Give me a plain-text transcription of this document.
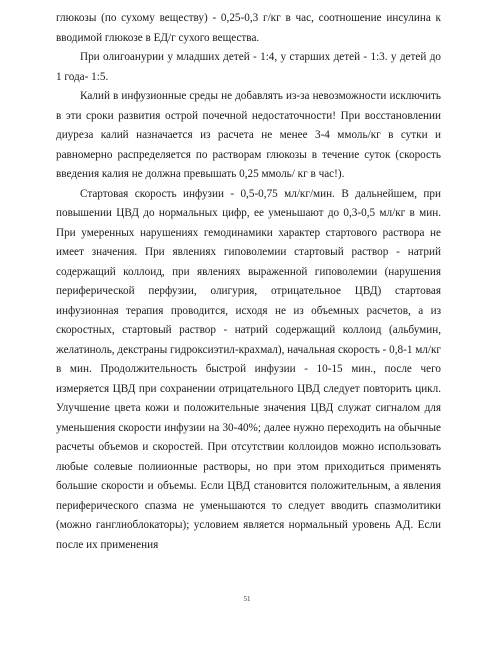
глюкозы (по сухому веществу) - 0,25-0,3 г/кг в час, соотношение инсулина к вводимой глюкозе в ЕД/г сухого вещества.

При олигоанурии у младших детей - 1:4, у старших детей - 1:3. у детей до 1 года- 1:5.

Калий в инфузионные среды не добавлять из-за невозможности исключить в эти сроки развития острой почечной недостаточности! При восстановлении диуреза калий назначается из расчета не менее 3-4 ммоль/кг в сутки и равномерно распределяется по растворам глюкозы в течение суток (скорость введения калия не должна превышать 0,25 ммоль/ кг в час!).

Стартовая скорость инфузии - 0,5-0,75 мл/кг/мин. В дальнейшем, при повышении ЦВД до нормальных цифр, ее уменьшают до 0,3-0,5 мл/кг в мин. При умеренных нарушениях гемодинамики характер стартового раствора не имеет значения. При явлениях гиповолемии стартовый раствор - натрий содержащий коллоид, при явлениях выраженной гиповолемии (нарушения периферической перфузии, олигурия, отрицательное ЦВД) стартовая инфузионная терапия проводится, исходя не из объемных расчетов, а из скоростных, стартовый раствор - натрий содержащий коллоид (альбумин, желатиноль, декстраны гидроксиэтил-крахмал), начальная скорость - 0,8-1 мл/кг в мин. Продолжительность быстрой инфузии - 10-15 мин., после чего измеряется ЦВД при сохранении отрицательного ЦВД следует повторить цикл. Улучшение цвета кожи и положительные значения ЦВД служат сигналом для уменьшения скорости инфузии на 30-40%; далее нужно переходить на обычные расчеты объемов и скоростей. При отсутствии коллоидов можно использовать любые солевые полиионные растворы, но при этом приходиться применять большие скорости и объемы. Если ЦВД становится положительным, а явления периферического спазма не уменьшаются то следует вводить спазмолитики (можно ганглиоблокаторы); условием является нормальный уровень АД. Если после их применения

51
